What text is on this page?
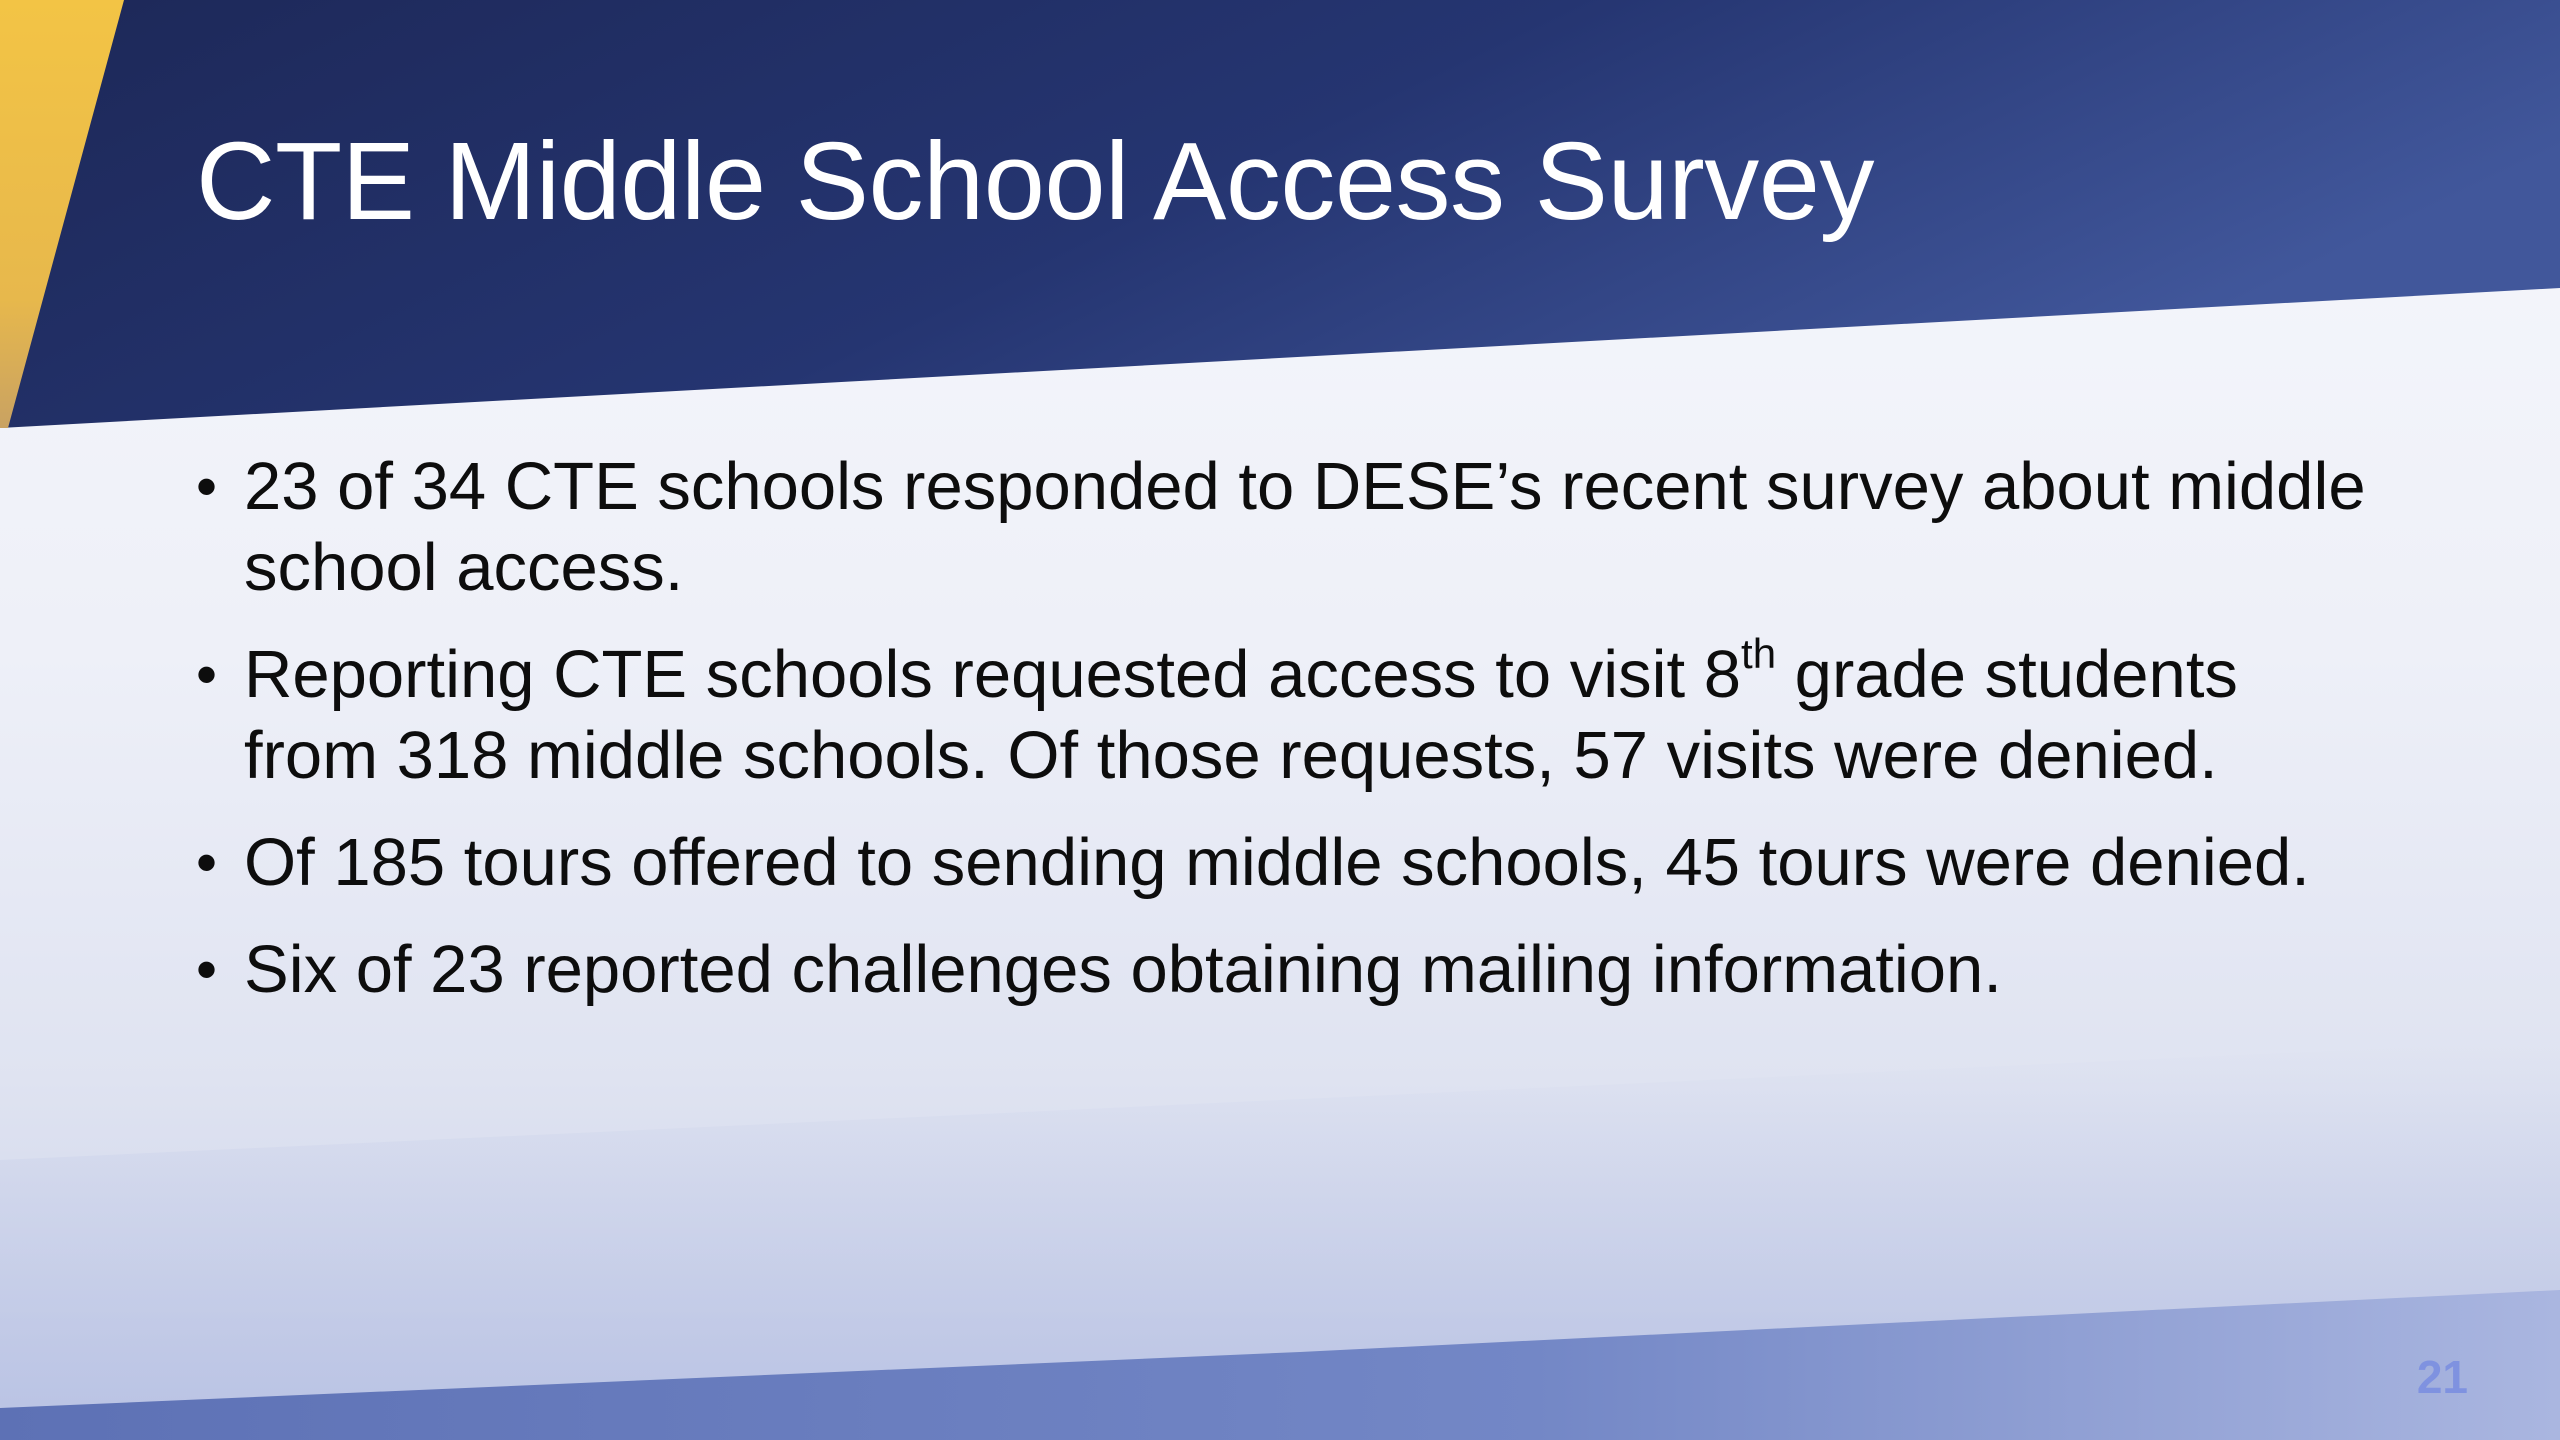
CTE Middle School Access Survey
• 23 of 34 CTE schools responded to DESE’s recent survey about middle school access.
• Reporting CTE schools requested access to visit 8th grade students from 318 middle schools. Of those requests, 57 visits were denied.
• Of 185 tours offered to sending middle schools, 45 tours were denied.
• Six of 23 reported challenges obtaining mailing information.
21
